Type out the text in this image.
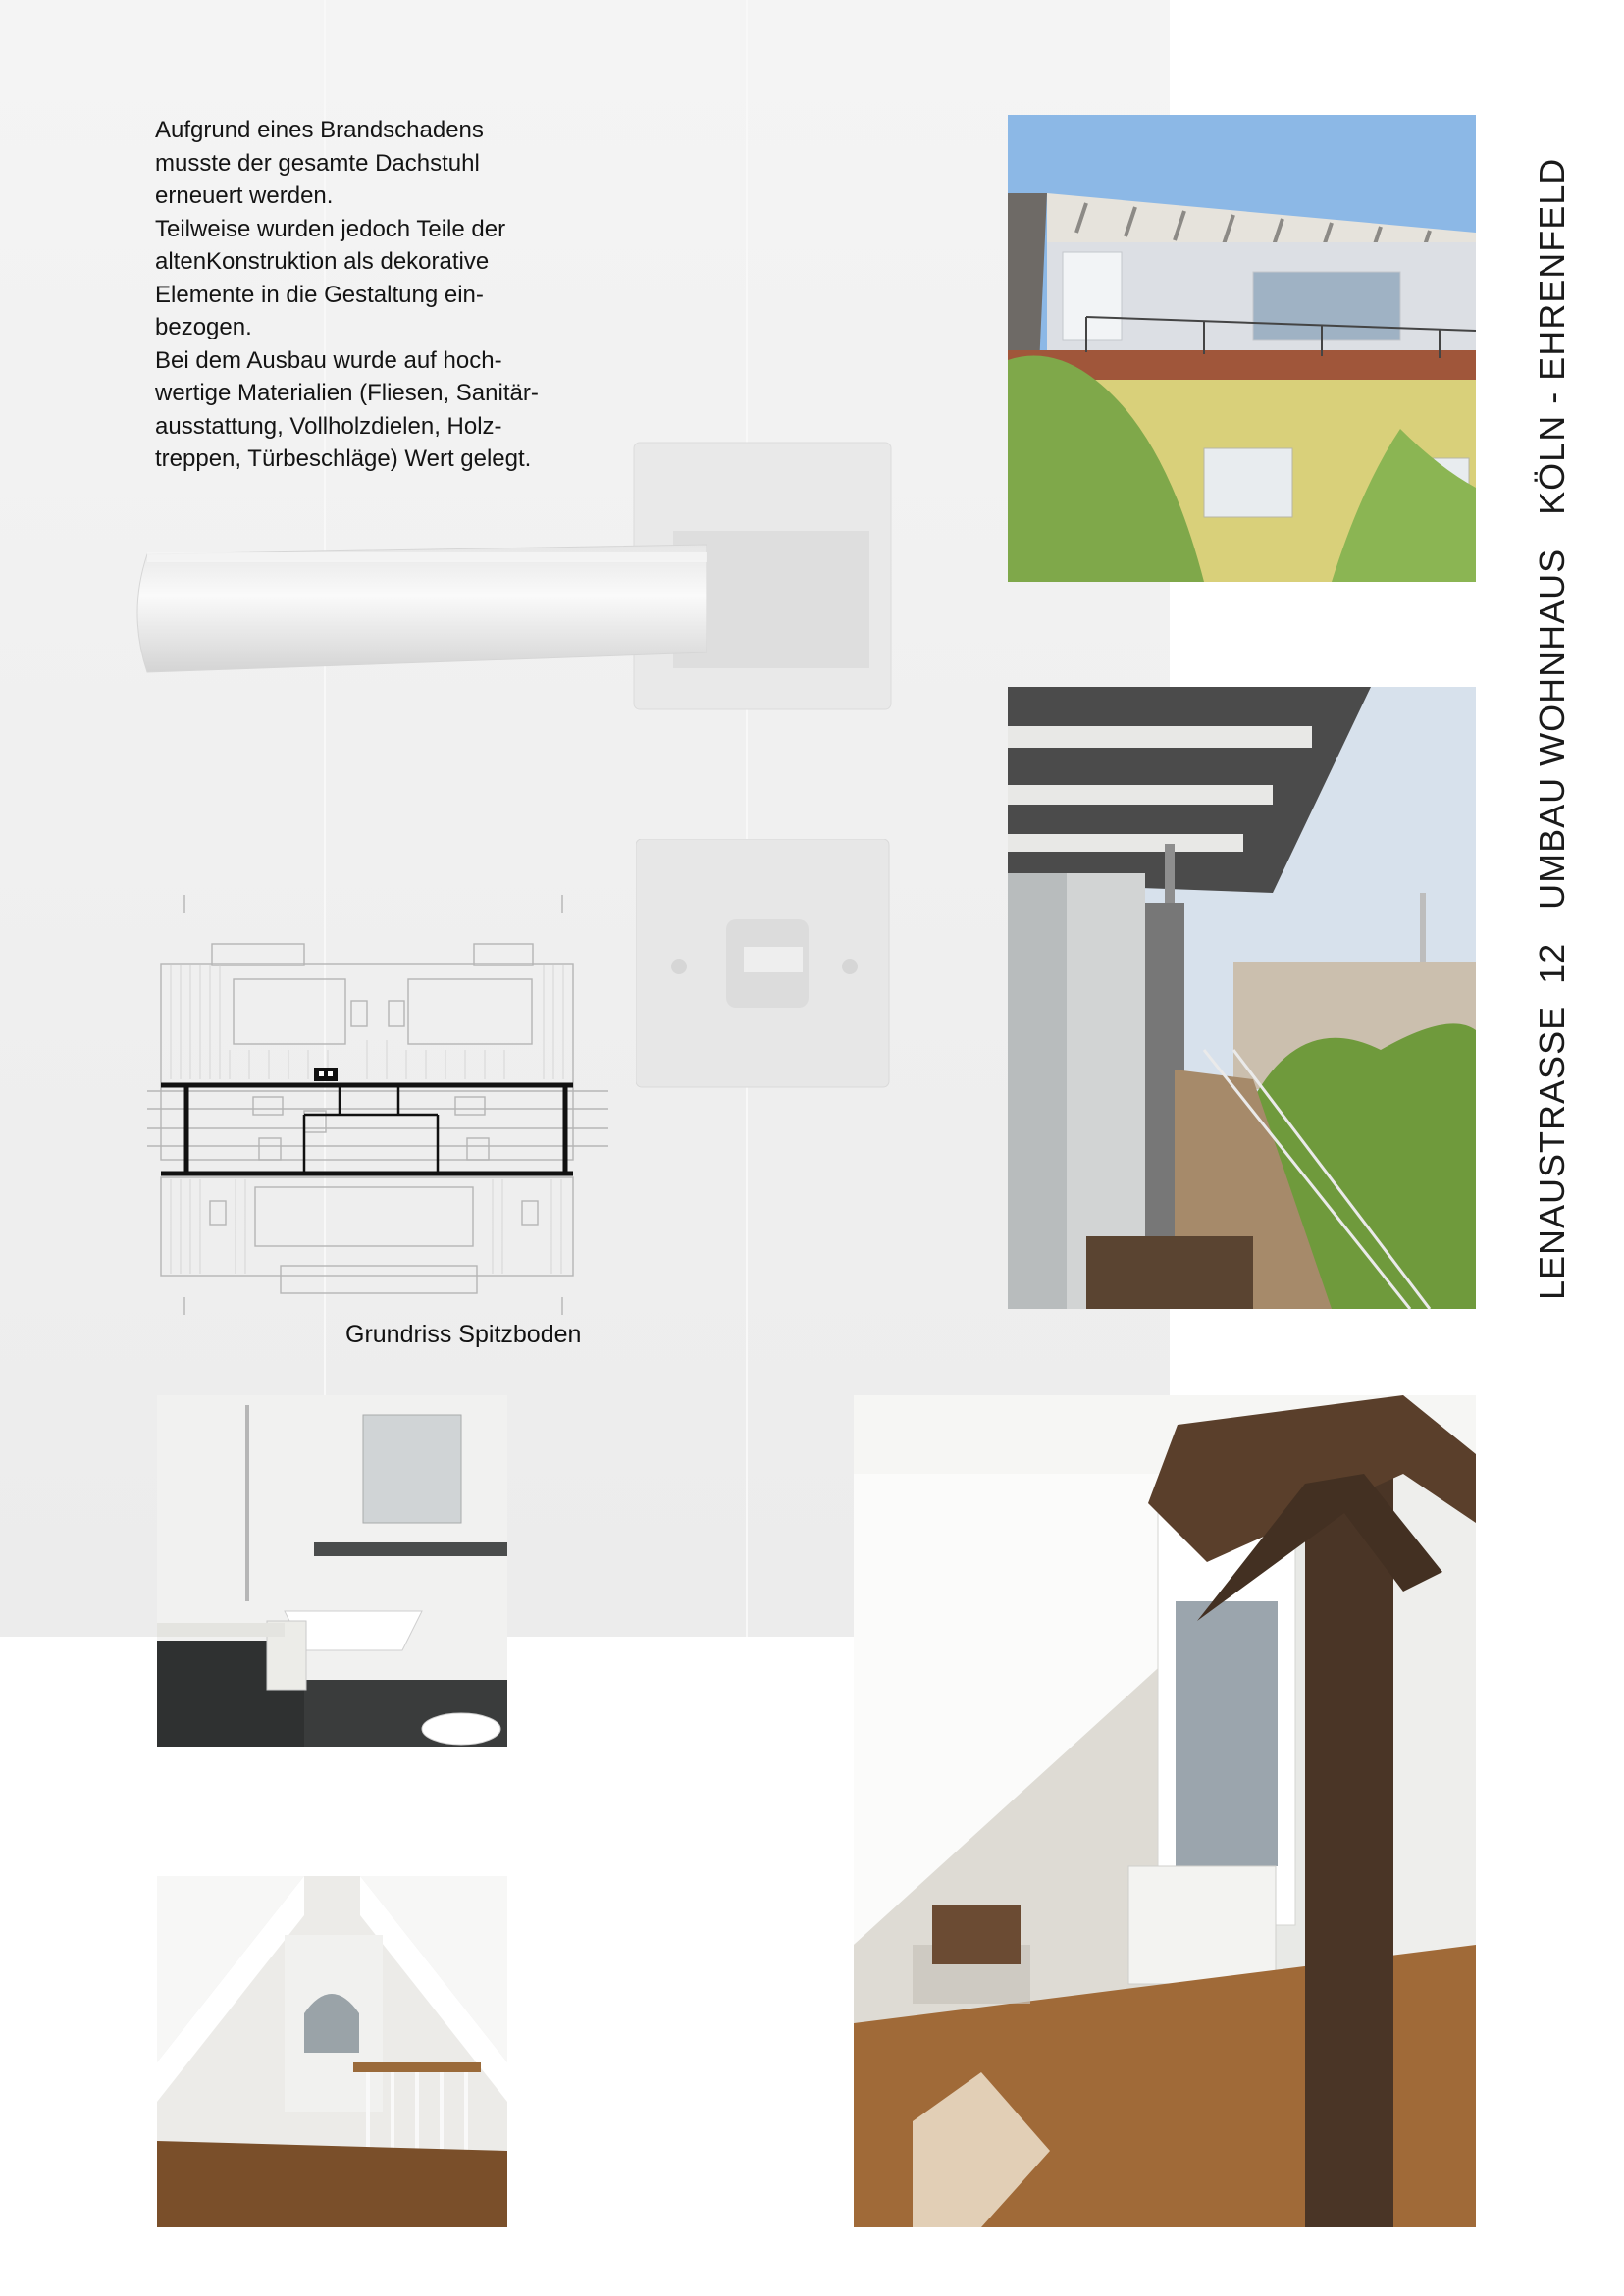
Aufgrund eines Brandschadens
musste der gesamte Dachstuhl
erneuert werden.
Teilweise wurden jedoch Teile der
altenKonstruktion als dekorative
Elemente in die Gestaltung ein-
bezogen.
Bei dem Ausbau wurde auf hoch-
wertige Materialien (Fliesen, Sanitär-
ausstattung, Vollholzdielen, Holz-
treppen, Türbeschläge) Wert gelegt.

Grundriss Spitzboden
LENAUSTRASSE  12
UMBAU WOHNHAUS
KÖLN - EHRENFELD
